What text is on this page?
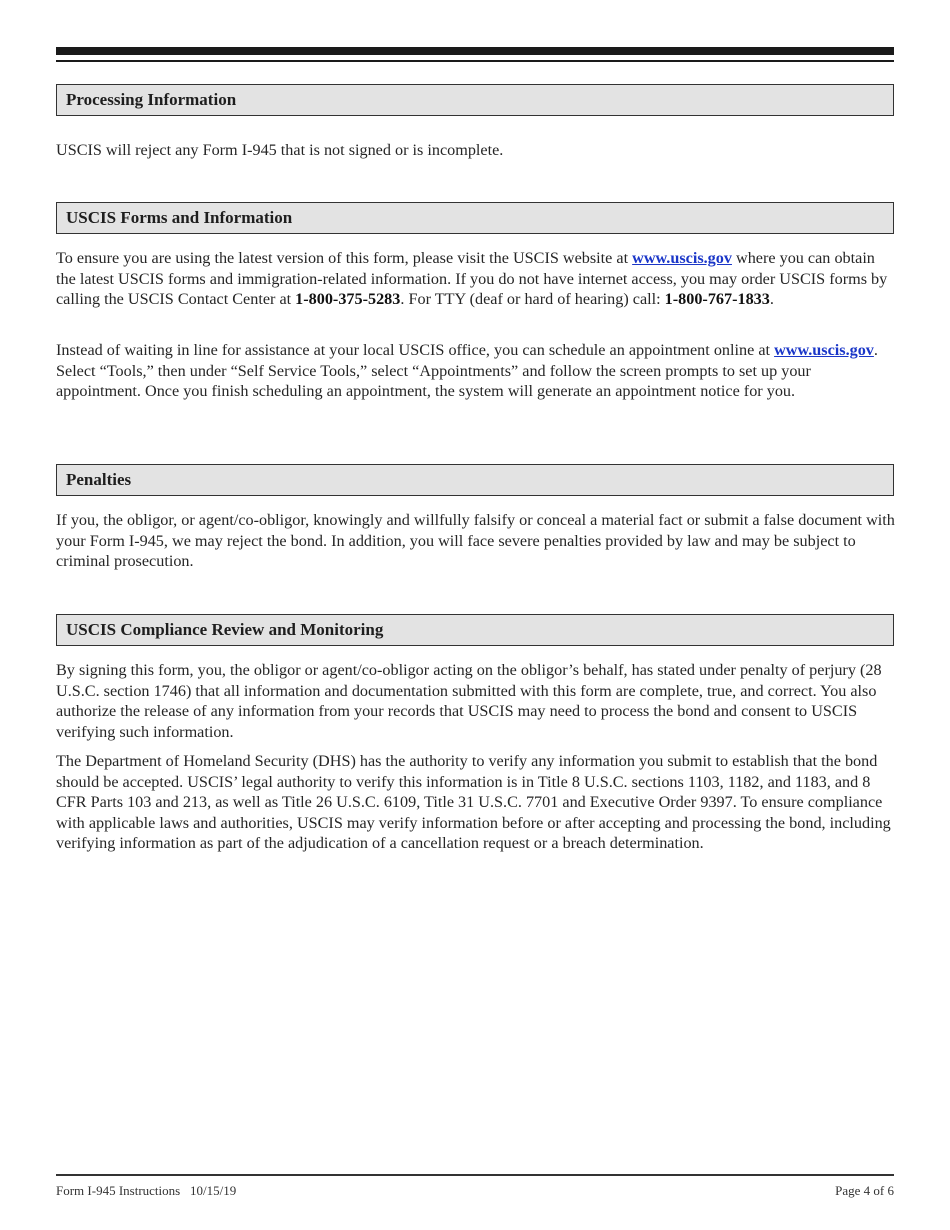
Processing Information

USCIS will reject any Form I-945 that is not signed or is incomplete.

USCIS Forms and Information

To ensure you are using the latest version of this form, please visit the USCIS website at www.uscis.gov where you can obtain the latest USCIS forms and immigration-related information. If you do not have internet access, you may order USCIS forms by calling the USCIS Contact Center at 1-800-375-5283. For TTY (deaf or hard of hearing) call: 1-800-767-1833.

Instead of waiting in line for assistance at your local USCIS office, you can schedule an appointment online at www.uscis.gov. Select “Tools,” then under “Self Service Tools,” select “Appointments” and follow the screen prompts to set up your appointment. Once you finish scheduling an appointment, the system will generate an appointment notice for you.

Penalties

If you, the obligor, or agent/co-obligor, knowingly and willfully falsify or conceal a material fact or submit a false document with your Form I-945, we may reject the bond. In addition, you will face severe penalties provided by law and may be subject to criminal prosecution.

USCIS Compliance Review and Monitoring

By signing this form, you, the obligor or agent/co-obligor acting on the obligor’s behalf, has stated under penalty of perjury (28 U.S.C. section 1746) that all information and documentation submitted with this form are complete, true, and correct. You also authorize the release of any information from your records that USCIS may need to process the bond and consent to USCIS verifying such information.

The Department of Homeland Security (DHS) has the authority to verify any information you submit to establish that the bond should be accepted. USCIS’ legal authority to verify this information is in Title 8 U.S.C. sections 1103, 1182, and 1183, and 8 CFR Parts 103 and 213, as well as Title 26 U.S.C. 6109, Title 31 U.S.C. 7701 and Executive Order 9397. To ensure compliance with applicable laws and authorities, USCIS may verify information before or after accepting and processing the bond, including verifying information as part of the adjudication of a cancellation request or a breach determination.

Form I-945 Instructions 10/15/19	Page 4 of 6
